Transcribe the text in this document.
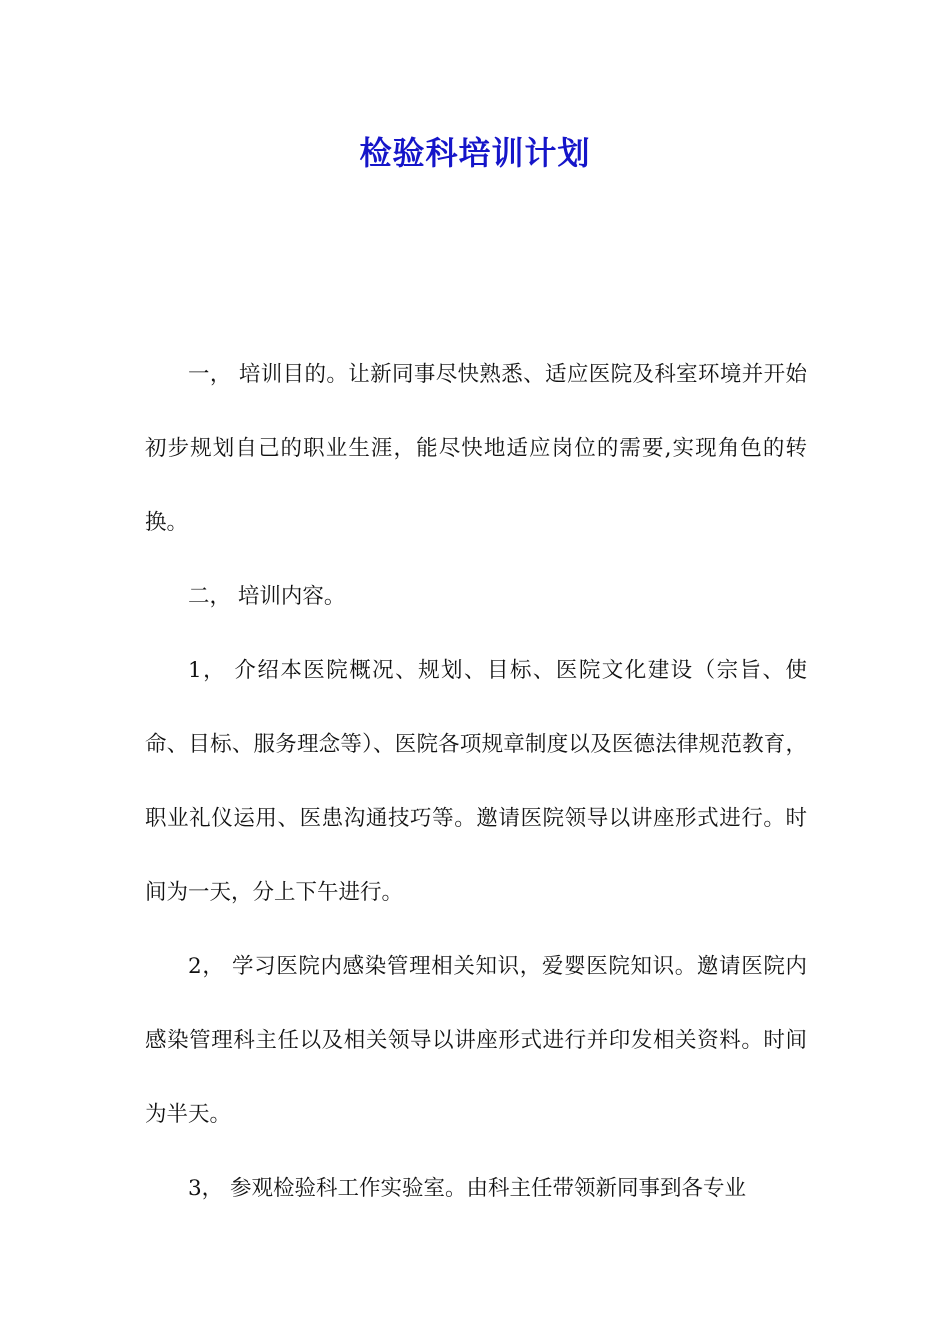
检验科培训计划

一， 培训目的。让新同事尽快熟悉、适应医院及科室环境并开始初步规划自己的职业生涯，能尽快地适应岗位的需要,实现角色的转换。

二， 培训内容。

1， 介绍本医院概况、规划、目标、医院文化建设（宗旨、使命、目标、服务理念等）、医院各项规章制度以及医德法律规范教育，职业礼仪运用、医患沟通技巧等。邀请医院领导以讲座形式进行。时间为一天，分上下午进行。

2， 学习医院内感染管理相关知识，爱婴医院知识。邀请医院内感染管理科主任以及相关领导以讲座形式进行并印发相关资料。时间为半天。

3， 参观检验科工作实验室。由科主任带领新同事到各专业
